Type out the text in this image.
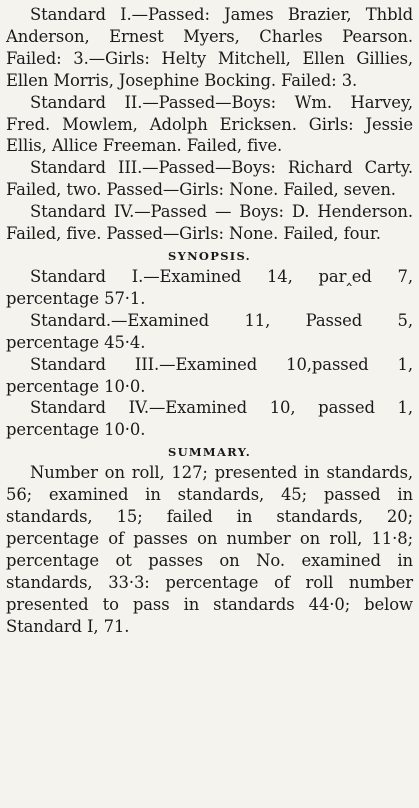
Standard I.—Passed: James Brazier, Thbld Anderson, Ernest Myers, Charles Pearson. Failed: 3.—Girls: Helty Mitchell, Ellen Gillies, Ellen Morris, Josephine Bocking. Failed: 3.

Standard II.—Passed—Boys: Wm. Harvey, Fred. Mowlem, Adolph Ericksen. Girls: Jessie Ellis, Allice Freeman. Failed, five.

Standard III.—Passed—Boys: Richard Carty. Failed, two. Passed—Girls: None. Failed, seven.

Standard IV.—Passed — Boys: D. Henderson. Failed, five. Passed—Girls: None. Failed, four.

SYNOPSIS.

Standard I.—Examined 14, par‸ed 7, percentage 57·1.

Standard.—Examined 11, Passed 5, percentage 45·4.

Standard III.—Examined 10,passed 1, percentage 10·0.

Standard IV.—Examined 10, passed 1, percentage 10·0.

SUMMARY.

Number on roll, 127; presented in standards, 56; examined in standards, 45; passed in standards, 15; failed in standards, 20; percentage of passes on number on roll, 11·8; percentage ot passes on No. examined in standards, 33·3: percentage of roll number presented to pass in standards 44·0; below Standard I, 71.
